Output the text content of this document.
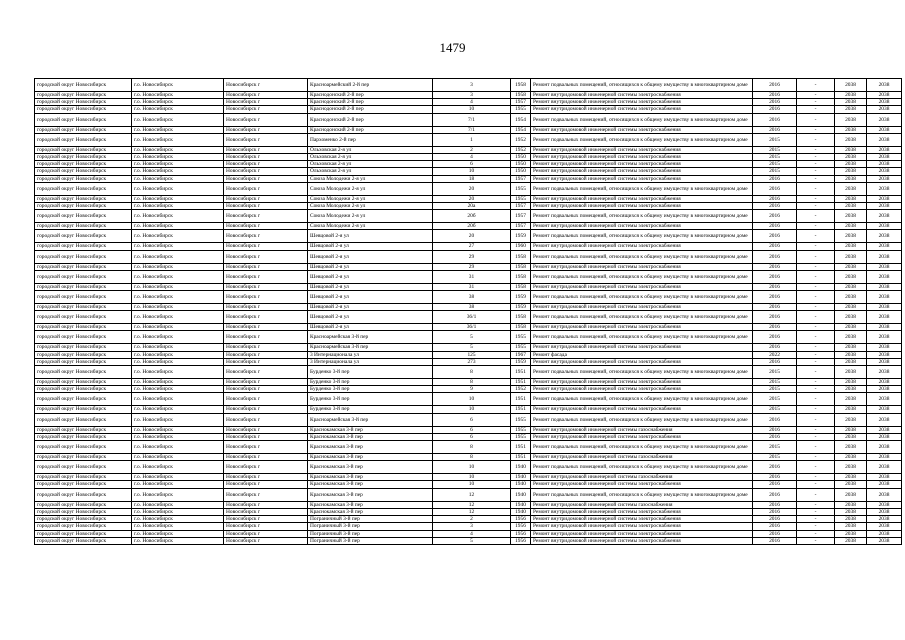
1479
городской округ Новосибирск	г.о. Новосибирск	Новосибирск г	Красноармейский 2-й пер	3	1958	Ремонт подвальных помещений, относящихся к общему имуществу в многоквартирном доме	2016	-	2038	2038
городской округ Новосибирск	г.о. Новосибирск	Новосибирск г	Краснодонский 2-й пер	3	1958	Ремонт внутридомовой инженерной системы электроснабжения	2016	-	2038	2038
городской округ Новосибирск	г.о. Новосибирск	Новосибирск г	Краснодонский 2-й пер	4	1957	Ремонт внутридомовой инженерной системы электроснабжения	2016	-	2038	2038
городской округ Новосибирск	г.о. Новосибирск	Новосибирск г	Краснодонский 2-й пер	10	1955	Ремонт внутридомовой инженерной системы электроснабжения	2016	-	2038	2038
городской округ Новосибирск	г.о. Новосибирск	Новосибирск г	Краснодонский 2-й пер	7/1	1954	Ремонт подвальных помещений, относящихся к общему имуществу в многоквартирном доме	2016	-	2038	2038
городской округ Новосибирск	г.о. Новосибирск	Новосибирск г	Краснодонский 2-й пер	7/1	1954	Ремонт внутридомовой инженерной системы электроснабжения	2016	-	2038	2038
городской округ Новосибирск	г.о. Новосибирск	Новосибирск г	Пархоменко 2-й пер	1	1952	Ремонт подвальных помещений, относящихся к общему имуществу в многоквартирном доме	2015	-	2038	2038
городской округ Новосибирск	г.о. Новосибирск	Новосибирск г	Ольховская 2-я ул	2	1952	Ремонт внутридомовой инженерной системы электроснабжения	2015	-	2038	2038
городской округ Новосибирск	г.о. Новосибирск	Новосибирск г	Ольховская 2-я ул	4	1950	Ремонт внутридомовой инженерной системы электроснабжения	2015	-	2038	2038
городской округ Новосибирск	г.о. Новосибирск	Новосибирск г	Ольховская 2-я ул	6	1950	Ремонт внутридомовой инженерной системы электроснабжения	2015	-	2038	2038
городской округ Новосибирск	г.о. Новосибирск	Новосибирск г	Ольховская 2-я ул	10	1950	Ремонт внутридомовой инженерной системы электроснабжения	2015	-	2038	2038
городской округ Новосибирск	г.о. Новосибирск	Новосибирск г	Союза Молодежи 2-я ул	18	1957	Ремонт внутридомовой инженерной системы электроснабжения	2016	-	2038	2038
городской округ Новосибирск	г.о. Новосибирск	Новосибирск г	Союза Молодежи 2-я ул	20	1955	Ремонт подвальных помещений, относящихся к общему имуществу в многоквартирном доме	2016	-	2038	2038
городской округ Новосибирск	г.о. Новосибирск	Новосибирск г	Союза Молодежи 2-я ул	20	1955	Ремонт внутридомовой инженерной системы электроснабжения	2016	-	2038	2038
городской округ Новосибирск	г.о. Новосибирск	Новосибирск г	Союза Молодежи 2-я ул	20а	1957	Ремонт внутридомовой инженерной системы электроснабжения	2016	-	2038	2038
городской округ Новосибирск	г.о. Новосибирск	Новосибирск г	Союза Молодежи 2-я ул	20б	1957	Ремонт подвальных помещений, относящихся к общему имуществу в многоквартирном доме	2016	-	2038	2038
городской округ Новосибирск	г.о. Новосибирск	Новосибирск г	Союза Молодежи 2-я ул	20б	1957	Ремонт внутридомовой инженерной системы электроснабжения	2016	-	2038	2038
городской округ Новосибирск	г.о. Новосибирск	Новосибирск г	Шевцовой 2-я ул	20	1959	Ремонт подвальных помещений, относящихся к общему имуществу в многоквартирном доме	2016	-	2038	2038
городской округ Новосибирск	г.о. Новосибирск	Новосибирск г	Шевцовой 2-я ул	27	1960	Ремонт внутридомовой инженерной системы электроснабжения	2016	-	2038	2038
городской округ Новосибирск	г.о. Новосибирск	Новосибирск г	Шевцовой 2-я ул	29	1958	Ремонт подвальных помещений, относящихся к общему имуществу в многоквартирном доме	2016	-	2038	2038
городской округ Новосибирск	г.о. Новосибирск	Новосибирск г	Шевцовой 2-я ул	29	1958	Ремонт внутридомовой инженерной системы электроснабжения	2016	-	2038	2038
городской округ Новосибирск	г.о. Новосибирск	Новосибирск г	Шевцовой 2-я ул	31	1958	Ремонт подвальных помещений, относящихся к общему имуществу в многоквартирном доме	2016	-	2038	2038
городской округ Новосибирск	г.о. Новосибирск	Новосибирск г	Шевцовой 2-я ул	31	1958	Ремонт внутридомовой инженерной системы электроснабжения	2016	-	2038	2038
городской округ Новосибирск	г.о. Новосибирск	Новосибирск г	Шевцовой 2-я ул	38	1959	Ремонт подвальных помещений, относящихся к общему имуществу в многоквартирном доме	2016	-	2038	2038
городской округ Новосибирск	г.о. Новосибирск	Новосибирск г	Шевцовой 2-я ул	38	1959	Ремонт внутридомовой инженерной системы электроснабжения	2016	-	2038	2038
городской округ Новосибирск	г.о. Новосибирск	Новосибирск г	Шевцовой 2-я ул	36/1	1958	Ремонт подвальных помещений, относящихся к общему имуществу в многоквартирном доме	2016	-	2038	2038
городской округ Новосибирск	г.о. Новосибирск	Новосибирск г	Шевцовой 2-я ул	36/1	1958	Ремонт внутридомовой инженерной системы электроснабжения	2016	-	2038	2038
городской округ Новосибирск	г.о. Новосибирск	Новосибирск г	Красноармейская 3-й пер	5	1955	Ремонт подвальных помещений, относящихся к общему имуществу в многоквартирном доме	2016	-	2038	2038
городской округ Новосибирск	г.о. Новосибирск	Новосибирск г	Красноармейская 3-й пер	5	1955	Ремонт внутридомовой инженерной системы электроснабжения	2016	-	2038	2038
городской округ Новосибирск	г.о. Новосибирск	Новосибирск г	3 Интернационала ул	125	1967	Ремонт фасада	2022	-	2038	2038
городской округ Новосибирск	г.о. Новосибирск	Новосибирск г	3 Интернационала ул	273	1959	Ремонт внутридомовой инженерной системы электроснабжения	2016	-	2038	2038
городской округ Новосибирск	г.о. Новосибирск	Новосибирск г	Бурденко 3-й пер	8	1951	Ремонт подвальных помещений, относящихся к общему имуществу в многоквартирном доме	2015	-	2038	2038
городской округ Новосибирск	г.о. Новосибирск	Новосибирск г	Бурденко 3-й пер	8	1951	Ремонт внутридомовой инженерной системы электроснабжения	2015	-	2038	2038
городской округ Новосибирск	г.о. Новосибирск	Новосибирск г	Бурденко 3-й пер	9	1952	Ремонт внутридомовой инженерной системы электроснабжения	2015	-	2038	2038
городской округ Новосибирск	г.о. Новосибирск	Новосибирск г	Бурденко 3-й пер	10	1951	Ремонт подвальных помещений, относящихся к общему имуществу в многоквартирном доме	2015	-	2038	2038
городской округ Новосибирск	г.о. Новосибирск	Новосибирск г	Бурденко 3-й пер	10	1951	Ремонт внутридомовой инженерной системы электроснабжения	2015	-	2038	2038
городской округ Новосибирск	г.о. Новосибирск	Новосибирск г	Красноармейская 3-й пер	6	1955	Ремонт подвальных помещений, относящихся к общему имуществу в многоквартирном доме	2016	-	2038	2038
городской округ Новосибирск	г.о. Новосибирск	Новосибирск г	Краснокамская 3-й пер	6	1955	Ремонт внутридомовой инженерной системы газоснабжения	2016	-	2038	2038
городской округ Новосибирск	г.о. Новосибирск	Новосибирск г	Краснокамская 3-й пер	6	1955	Ремонт внутридомовой инженерной системы электроснабжения	2016	-	2038	2038
городской округ Новосибирск	г.о. Новосибирск	Новосибирск г	Краснокамская 3-й пер	8	1951	Ремонт подвальных помещений, относящихся к общему имуществу в многоквартирном доме	2015	-	2038	2038
городской округ Новосибирск	г.о. Новосибирск	Новосибирск г	Краснокамская 3-й пер	8	1951	Ремонт внутридомовой инженерной системы газоснабжения	2015	-	2038	2038
городской округ Новосибирск	г.о. Новосибирск	Новосибирск г	Краснокамская 3-й пер	10	1940	Ремонт подвальных помещений, относящихся к общему имуществу в многоквартирном доме	2016	-	2038	2038
городской округ Новосибирск	г.о. Новосибирск	Новосибирск г	Краснокамская 3-й пер	10	1940	Ремонт внутридомовой инженерной системы газоснабжения	2016	-	2038	2038
городской округ Новосибирск	г.о. Новосибирск	Новосибирск г	Краснокамская 3-й пер	10	1940	Ремонт внутридомовой инженерной системы электроснабжения	2016	-	2038	2038
городской округ Новосибирск	г.о. Новосибирск	Новосибирск г	Краснокамская 3-й пер	12	1940	Ремонт подвальных помещений, относящихся к общему имуществу в многоквартирном доме	2016	-	2038	2038
городской округ Новосибирск	г.о. Новосибирск	Новосибирск г	Краснокамская 3-й пер	12	1940	Ремонт внутридомовой инженерной системы газоснабжения	2016	-	2038	2038
городской округ Новосибирск	г.о. Новосибирск	Новосибирск г	Краснокамская 3-й пер	12	1940	Ремонт внутридомовой инженерной системы электроснабжения	2016	-	2038	2038
городской округ Новосибирск	г.о. Новосибирск	Новосибирск г	Пограничный 3-й пер	2	1956	Ремонт внутридомовой инженерной системы электроснабжения	2016	-	2038	2038
городской округ Новосибирск	г.о. Новосибирск	Новосибирск г	Пограничный 3-й пер	3	1956	Ремонт внутридомовой инженерной системы электроснабжения	2016	-	2038	2038
городской округ Новосибирск	г.о. Новосибирск	Новосибирск г	Пограничный 3-й пер	4	1956	Ремонт внутридомовой инженерной системы электроснабжения	2016	-	2038	2038
городской округ Новосибирск	г.о. Новосибирск	Новосибирск г	Пограничный 3-й пер	5	1956	Ремонт внутридомовой инженерной системы электроснабжения	2016	-	2038	2038
